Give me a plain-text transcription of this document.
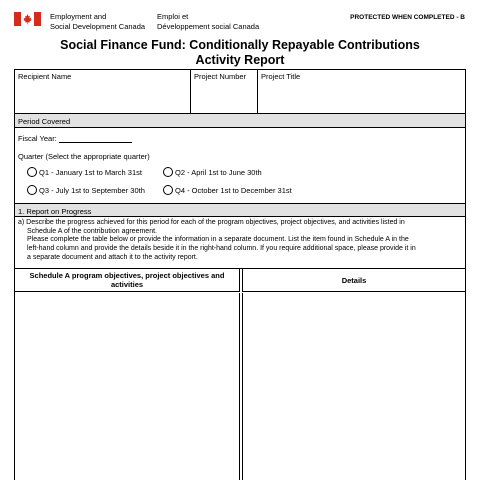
Employment and
Social Development Canada
Emploi et
Développement social Canada
PROTECTED WHEN COMPLETED - B
Social Finance Fund: Conditionally Repayable Contributions
Activity Report
Recipient Name	Project Number	Project Title
Period Covered
Fiscal Year:
Quarter (Select the appropriate quarter)
Q1 - January 1st to March 31st	Q2 - April 1st to June 30th
Q3 - July 1st to September 30th	Q4 - October 1st to December 31st
1. Report on Progress
a) Describe the progress achieved for this period for each of the program objectives, project objectives, and activities listed in
Schedule A of the contribution agreement.
Please complete the table below or provide the information in a separate document. List the item found in Schedule A in the
left-hand column and provide the details beside it in the right-hand column. If you require additional space, please provide it in
a separate document and attach it to the activity report.
Schedule A program objectives, project objectives and activities	Details
